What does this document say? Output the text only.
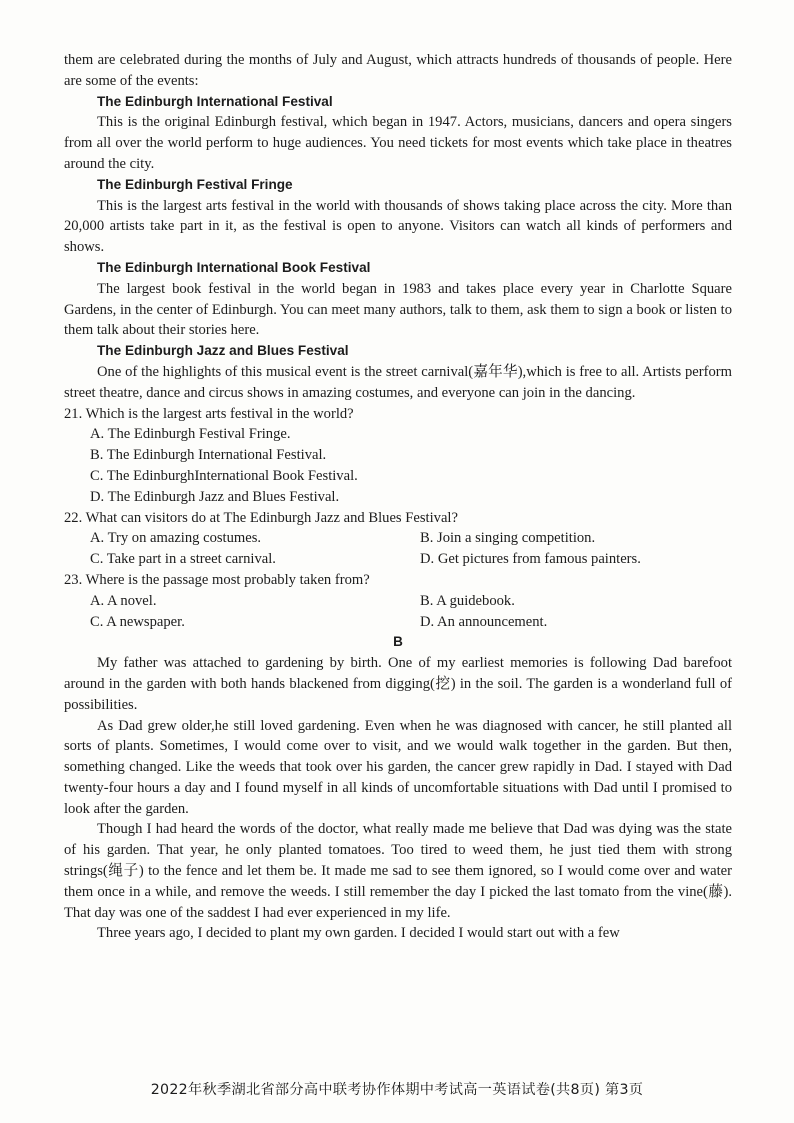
them are celebrated during the months of July and August, which attracts hundreds of thousands of people. Here are some of the events:

The Edinburgh International Festival

This is the original Edinburgh festival, which began in 1947. Actors, musicians, dancers and opera singers from all over the world perform to huge audiences. You need tickets for most events which take place in theatres around the city.

The Edinburgh Festival Fringe

This is the largest arts festival in the world with thousands of shows taking place across the city. More than 20,000 artists take part in it, as the festival is open to anyone. Visitors can watch all kinds of performers and shows.

The Edinburgh International Book Festival

The largest book festival in the world began in 1983 and takes place every year in Charlotte Square Gardens, in the center of Edinburgh. You can meet many authors, talk to them, ask them to sign a book or listen to them talk about their stories here.

The Edinburgh Jazz and Blues Festival

One of the highlights of this musical event is the street carnival(嘉年华),which is free to all. Artists perform street theatre, dance and circus shows in amazing costumes, and everyone can join in the dancing.

21. Which is the largest arts festival in the world?

A. The Edinburgh Festival Fringe.
B. The Edinburgh International Festival.
C. The EdinburghInternational Book Festival.
D. The Edinburgh Jazz and Blues Festival.

22. What can visitors do at The Edinburgh Jazz and Blues Festival?

A. Try on amazing costumes.	B. Join a singing competition.
C. Take part in a street carnival.	D. Get pictures from famous painters.

23. Where is the passage most probably taken from?

A. A novel.	B. A guidebook.
C. A newspaper.	D. An announcement.
B

My father was attached to gardening by birth. One of my earliest memories is following Dad barefoot around in the garden with both hands blackened from digging(挖) in the soil. The garden is a wonderland full of possibilities.

As Dad grew older,he still loved gardening. Even when he was diagnosed with cancer, he still planted all sorts of plants. Sometimes, I would come over to visit, and we would walk together in the garden. But then, something changed. Like the weeds that took over his garden, the cancer grew rapidly in Dad. I stayed with Dad twenty-four hours a day and I found myself in all kinds of uncomfortable situations with Dad until I promised to look after the garden.

Though I had heard the words of the doctor, what really made me believe that Dad was dying was the state of his garden. That year, he only planted tomatoes. Too tired to weed them, he just tied them with strong strings(绳子) to the fence and let them be. It made me sad to see them ignored, so I would come over and water them once in a while, and remove the weeds. I still remember the day I picked the last tomato from the vine(藤). That day was one of the saddest I had ever experienced in my life.

Three years ago, I decided to plant my own garden. I decided I would start out with a few

2022年秋季湖北省部分高中联考协作体期中考试高一英语试卷(共8页) 第3页
